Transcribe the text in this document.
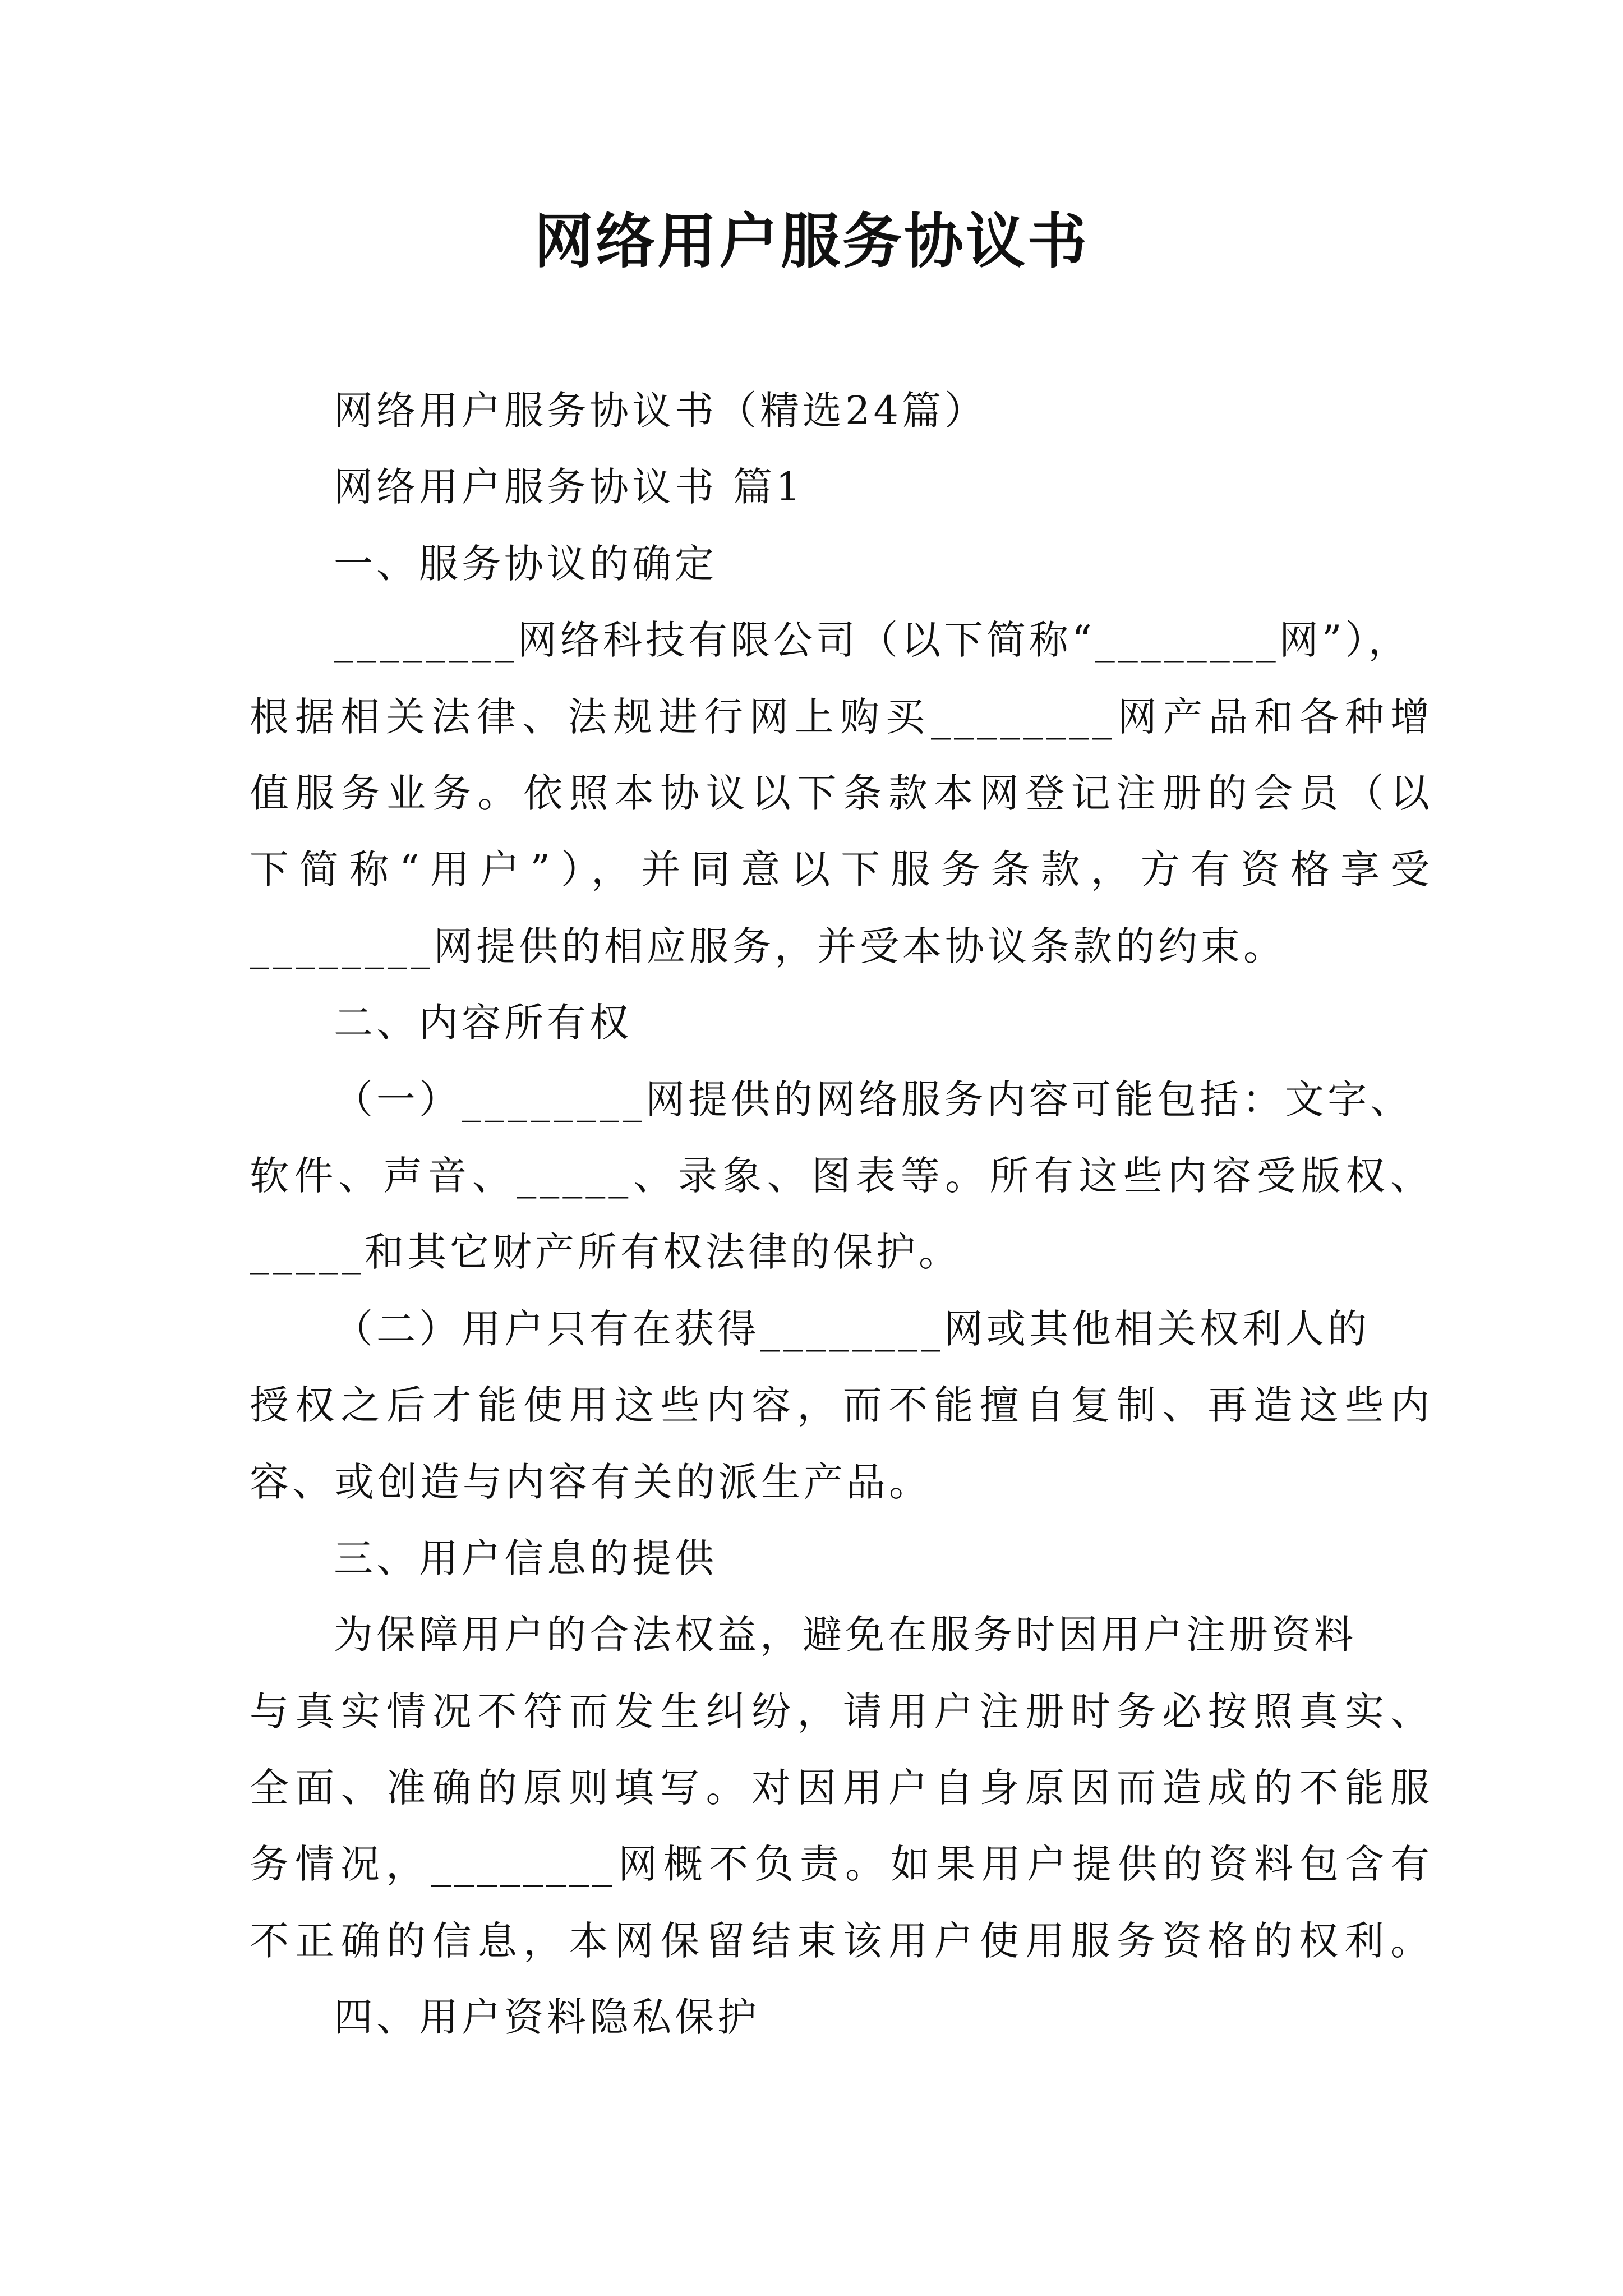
网络用户服务协议书
网络用户服务协议书（精选24篇）
网络用户服务协议书 篇1
一、服务协议的确定
________网络科技有限公司（以下简称“________网”），
根据相关法律、法规进行网上购买________网产品和各种增
值服务业务。依照本协议以下条款本网登记注册的会员（以
下简称“用户”），并同意以下服务条款，方有资格享受
________网提供的相应服务，并受本协议条款的约束。
二、内容所有权
（一）________网提供的网络服务内容可能包括：文字、
软件、声音、_____、录象、图表等。所有这些内容受版权、
_____和其它财产所有权法律的保护。
（二）用户只有在获得________网或其他相关权利人的
授权之后才能使用这些内容，而不能擅自复制、再造这些内
容、或创造与内容有关的派生产品。
三、用户信息的提供
为保障用户的合法权益，避免在服务时因用户注册资料
与真实情况不符而发生纠纷，请用户注册时务必按照真实、
全面、准确的原则填写。对因用户自身原因而造成的不能服
务情况，________网概不负责。如果用户提供的资料包含有
不正确的信息，本网保留结束该用户使用服务资格的权利。
四、用户资料隐私保护
